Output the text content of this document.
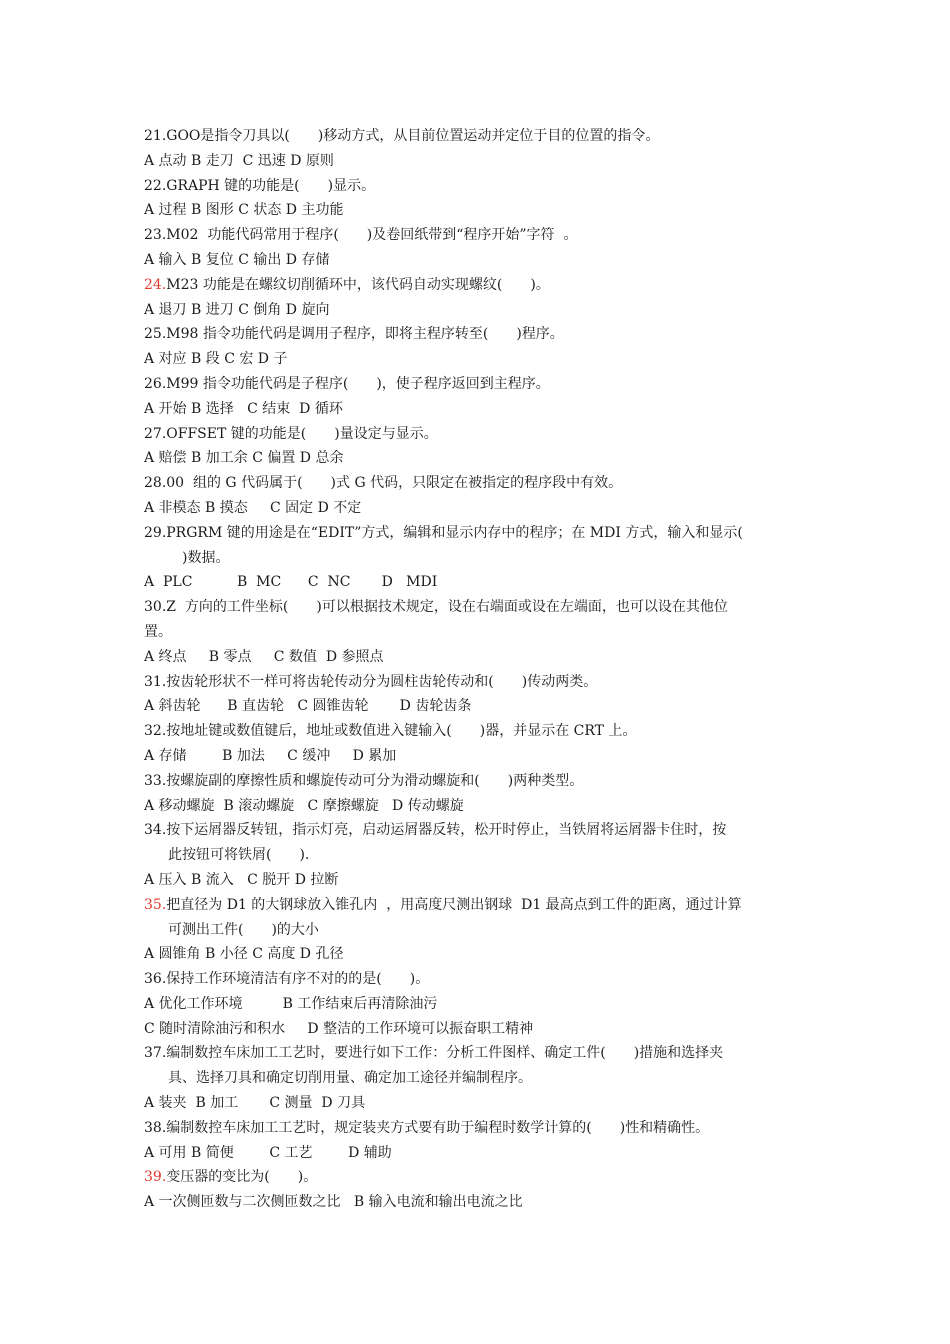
21.GOO是指令刀具以(　　)移动方式，从目前位置运动并定位于目的位置的指令。
A 点动 B 走刀  C 迅速 D 原则
22.GRAPH 键的功能是(　　)显示。
A 过程 B 图形 C 状态 D 主功能
23.M02  功能代码常用于程序(　　)及卷回纸带到“程序开始”字符  。
A 输入 B 复位 C 输出 D 存储
24.M23 功能是在螺纹切削循环中，该代码自动实现螺纹(　　)。
A 退刀 B 进刀 C 倒角 D 旋向
25.M98 指令功能代码是调用子程序，即将主程序转至(　　)程序。
A 对应 B 段 C 宏 D 子
26.M99 指令功能代码是子程序(　　)，使子程序返回到主程序。
A 开始 B 选择   C 结束  D 循环
27.OFFSET 键的功能是(　　)量设定与显示。
A 赔偿 B 加工余 C 偏置 D 总余
28.00  组的 G 代码属于(　　)式 G 代码，只限定在被指定的程序段中有效。
A 非模态 B 摸态     C 固定 D 不定
29.PRGRM 键的用途是在“EDIT”方式，编辑和显示内存中的程序；在 MDI 方式，输入和显示(
　)数据。
A  PLC          B  MC      C  NC       D   MDI
30.Z  方向的工件坐标(　　)可以根据技术规定，设在右端面或设在左端面，也可以设在其他位
置。
A 终点     B 零点     C 数值  D 参照点
31.按齿轮形状不一样可将齿轮传动分为圆柱齿轮传动和(　　)传动两类。
A 斜齿轮      B 直齿轮   C 圆锥齿轮       D 齿轮齿条
32.按地址键或数值键后，地址或数值进入键输入(　　)器，并显示在 CRT 上。
A 存储        B 加法     C 缓冲     D 累加
33.按螺旋副的摩擦性质和螺旋传动可分为滑动螺旋和(　　)两种类型。
A 移动螺旋  B 滚动螺旋   C 摩擦螺旋   D 传动螺旋
34.按下运屑器反转钮，指示灯亮，启动运屑器反转，松开时停止，当铁屑将运屑器卡住时，按
此按钮可将铁屑(　　).
A 压入 B 流入   C 脱开 D 拉断
35.把直径为 D1 的大钢球放入锥孔内  ，用高度尺测出钢球  D1 最高点到工件的距离，通过计算
可测出工件(　　)的大小
A 圆锥角 B 小径 C 高度 D 孔径
36.保持工作环境清洁有序不对的的是(　　)。
A 优化工作环境         B 工作结束后再清除油污
C 随时清除油污和积水     D 整洁的工作环境可以振奋职工精神
37.编制数控车床加工工艺时，要进行如下工作：分析工件图样、确定工件(　　)措施和选择夹
具、选择刀具和确定切削用量、确定加工途径并编制程序。
A 装夹  B 加工       C 测量  D 刀具
38.编制数控车床加工工艺时，规定装夹方式要有助于编程时数学计算的(　　)性和精确性。
A 可用 B 简便        C 工艺        D 辅助
39.变压器的变比为(　　)。
A 一次侧匝数与二次侧匝数之比   B 输入电流和输出电流之比
